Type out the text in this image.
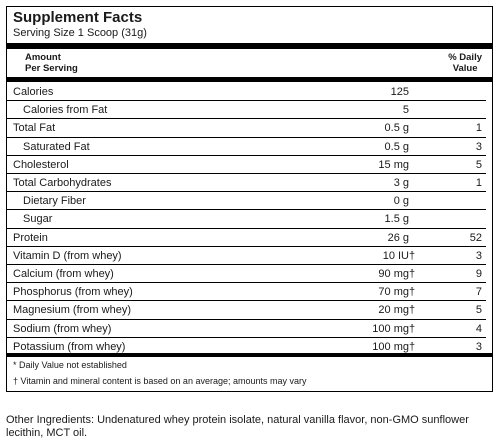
Supplement Facts
Serving Size 1 Scoop (31g)
Amount
Per Serving
% Daily
Value
Calories	125
Calories from Fat	5
Total Fat	0.5 g	1
Saturated Fat	0.5 g	3
Cholesterol	15 mg	5
Total Carbohydrates	3 g	1
Dietary Fiber	0 g
Sugar	1.5 g
Protein	26 g	52
Vitamin D (from whey)	10 IU †	3
Calcium (from whey)	90 mg †	9
Phosphorus (from whey)	70 mg †	7
Magnesium (from whey)	20 mg †	5
Sodium (from whey)	100 mg †	4
Potassium (from whey)	100 mg †	3
* Daily Value not established
† Vitamin and mineral content is based on an average; amounts may vary
Other Ingredients: Undenatured whey protein isolate, natural vanilla flavor, non-GMO sunflower lecithin, MCT oil.
